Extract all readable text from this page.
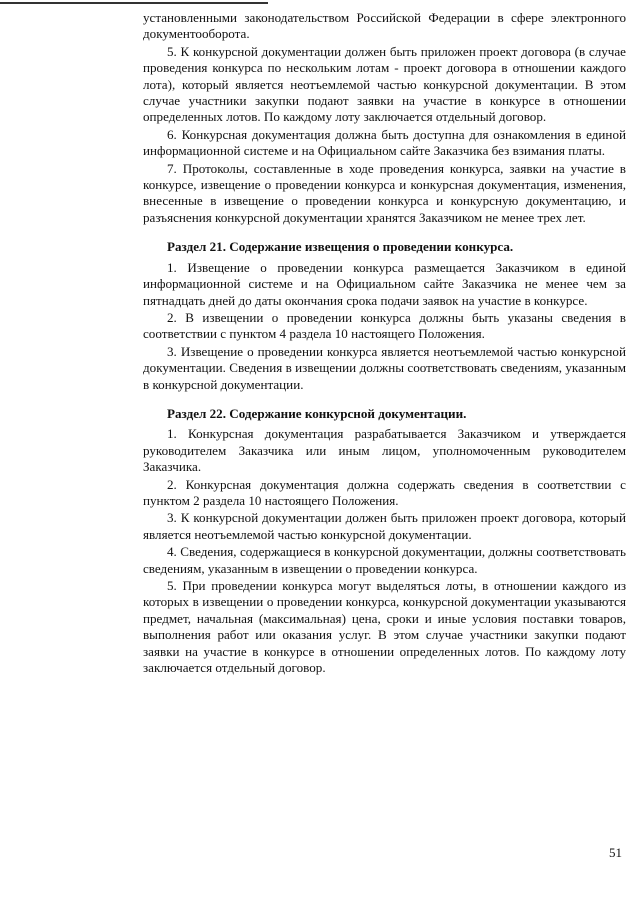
установленными законодательством Российской Федерации в сфере электронного документооборота.

5. К конкурсной документации должен быть приложен проект договора (в случае проведения конкурса по нескольким лотам - проект договора в отношении каждого лота), который является неотъемлемой частью конкурсной документации. В этом случае участники закупки подают заявки на участие в конкурсе в отношении определенных лотов. По каждому лоту заключается отдельный договор.

6. Конкурсная документация должна быть доступна для ознакомления в единой информационной системе и на Официальном сайте Заказчика без взимания платы.

7. Протоколы, составленные в ходе проведения конкурса, заявки на участие в конкурсе, извещение о проведении конкурса и конкурсная документация, изменения, внесенные в извещение о проведении конкурса и конкурсную документацию, и разъяснения конкурсной документации хранятся Заказчиком не менее трех лет.

Раздел 21. Содержание извещения о проведении конкурса.

1. Извещение о проведении конкурса размещается Заказчиком в единой информационной системе и на Официальном сайте Заказчика не менее чем за пятнадцать дней до даты окончания срока подачи заявок на участие в конкурсе.

2. В извещении о проведении конкурса должны быть указаны сведения в соответствии с пунктом 4 раздела 10 настоящего Положения.

3. Извещение о проведении конкурса является неотъемлемой частью конкурсной документации. Сведения в извещении должны соответствовать сведениям, указанным в конкурсной документации.

Раздел 22. Содержание конкурсной документации.

1. Конкурсная документация разрабатывается Заказчиком и утверждается руководителем Заказчика или иным лицом, уполномоченным руководителем Заказчика.

2. Конкурсная документация должна содержать сведения в соответствии с пунктом 2 раздела 10 настоящего Положения.

3. К конкурсной документации должен быть приложен проект договора, который является неотъемлемой частью конкурсной документации.

4. Сведения, содержащиеся в конкурсной документации, должны соответствовать сведениям, указанным в извещении о проведении конкурса.

5. При проведении конкурса могут выделяться лоты, в отношении каждого из которых в извещении о проведении конкурса, конкурсной документации указываются предмет, начальная (максимальная) цена, сроки и иные условия поставки товаров, выполнения работ или оказания услуг. В этом случае участники закупки подают заявки на участие в конкурсе в отношении определенных лотов. По каждому лоту заключается отдельный договор.

51
